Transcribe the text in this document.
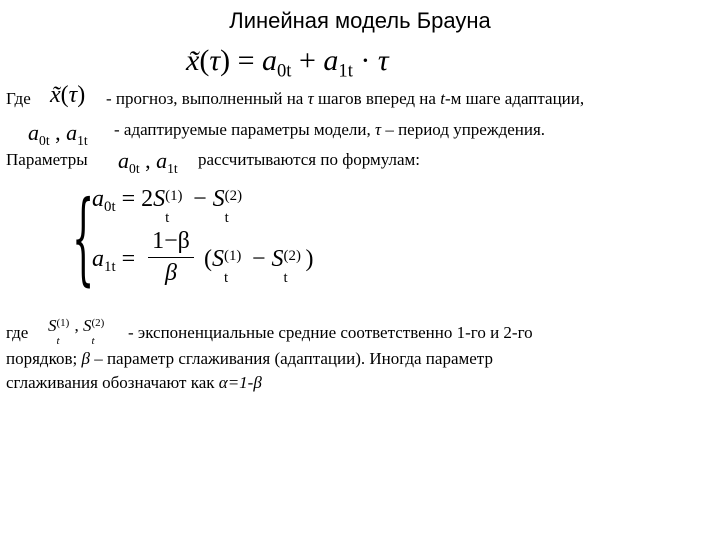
Линейная модель Брауна
x̃(τ) = $a_{0t} + a_{1t} \cdot \tau$
Где x̃(τ) - прогноз, выполненный на τ шагов вперед на t-м шаге адаптации,
$a_{0t}$ , $a_{1t}$
- адаптируемые параметры модели, τ – период упреждения.
Параметры $a_{0t}$ , $a_{1t}$ рассчитываются по формулам:
{
$a_{0t} = 2S$ (1)
t
− S (2)
t
$a_{1t} = \frac{1-\beta}{\beta} (S$ (1)
t
− S (2)
t
)
где S (1)
t
, S (2)
t - экспоненциальные средние соответственно 1-го и 2-го
порядков; β – параметр сглаживания (адаптации). Иногда параметр
сглаживания обозначают как α=1-β
